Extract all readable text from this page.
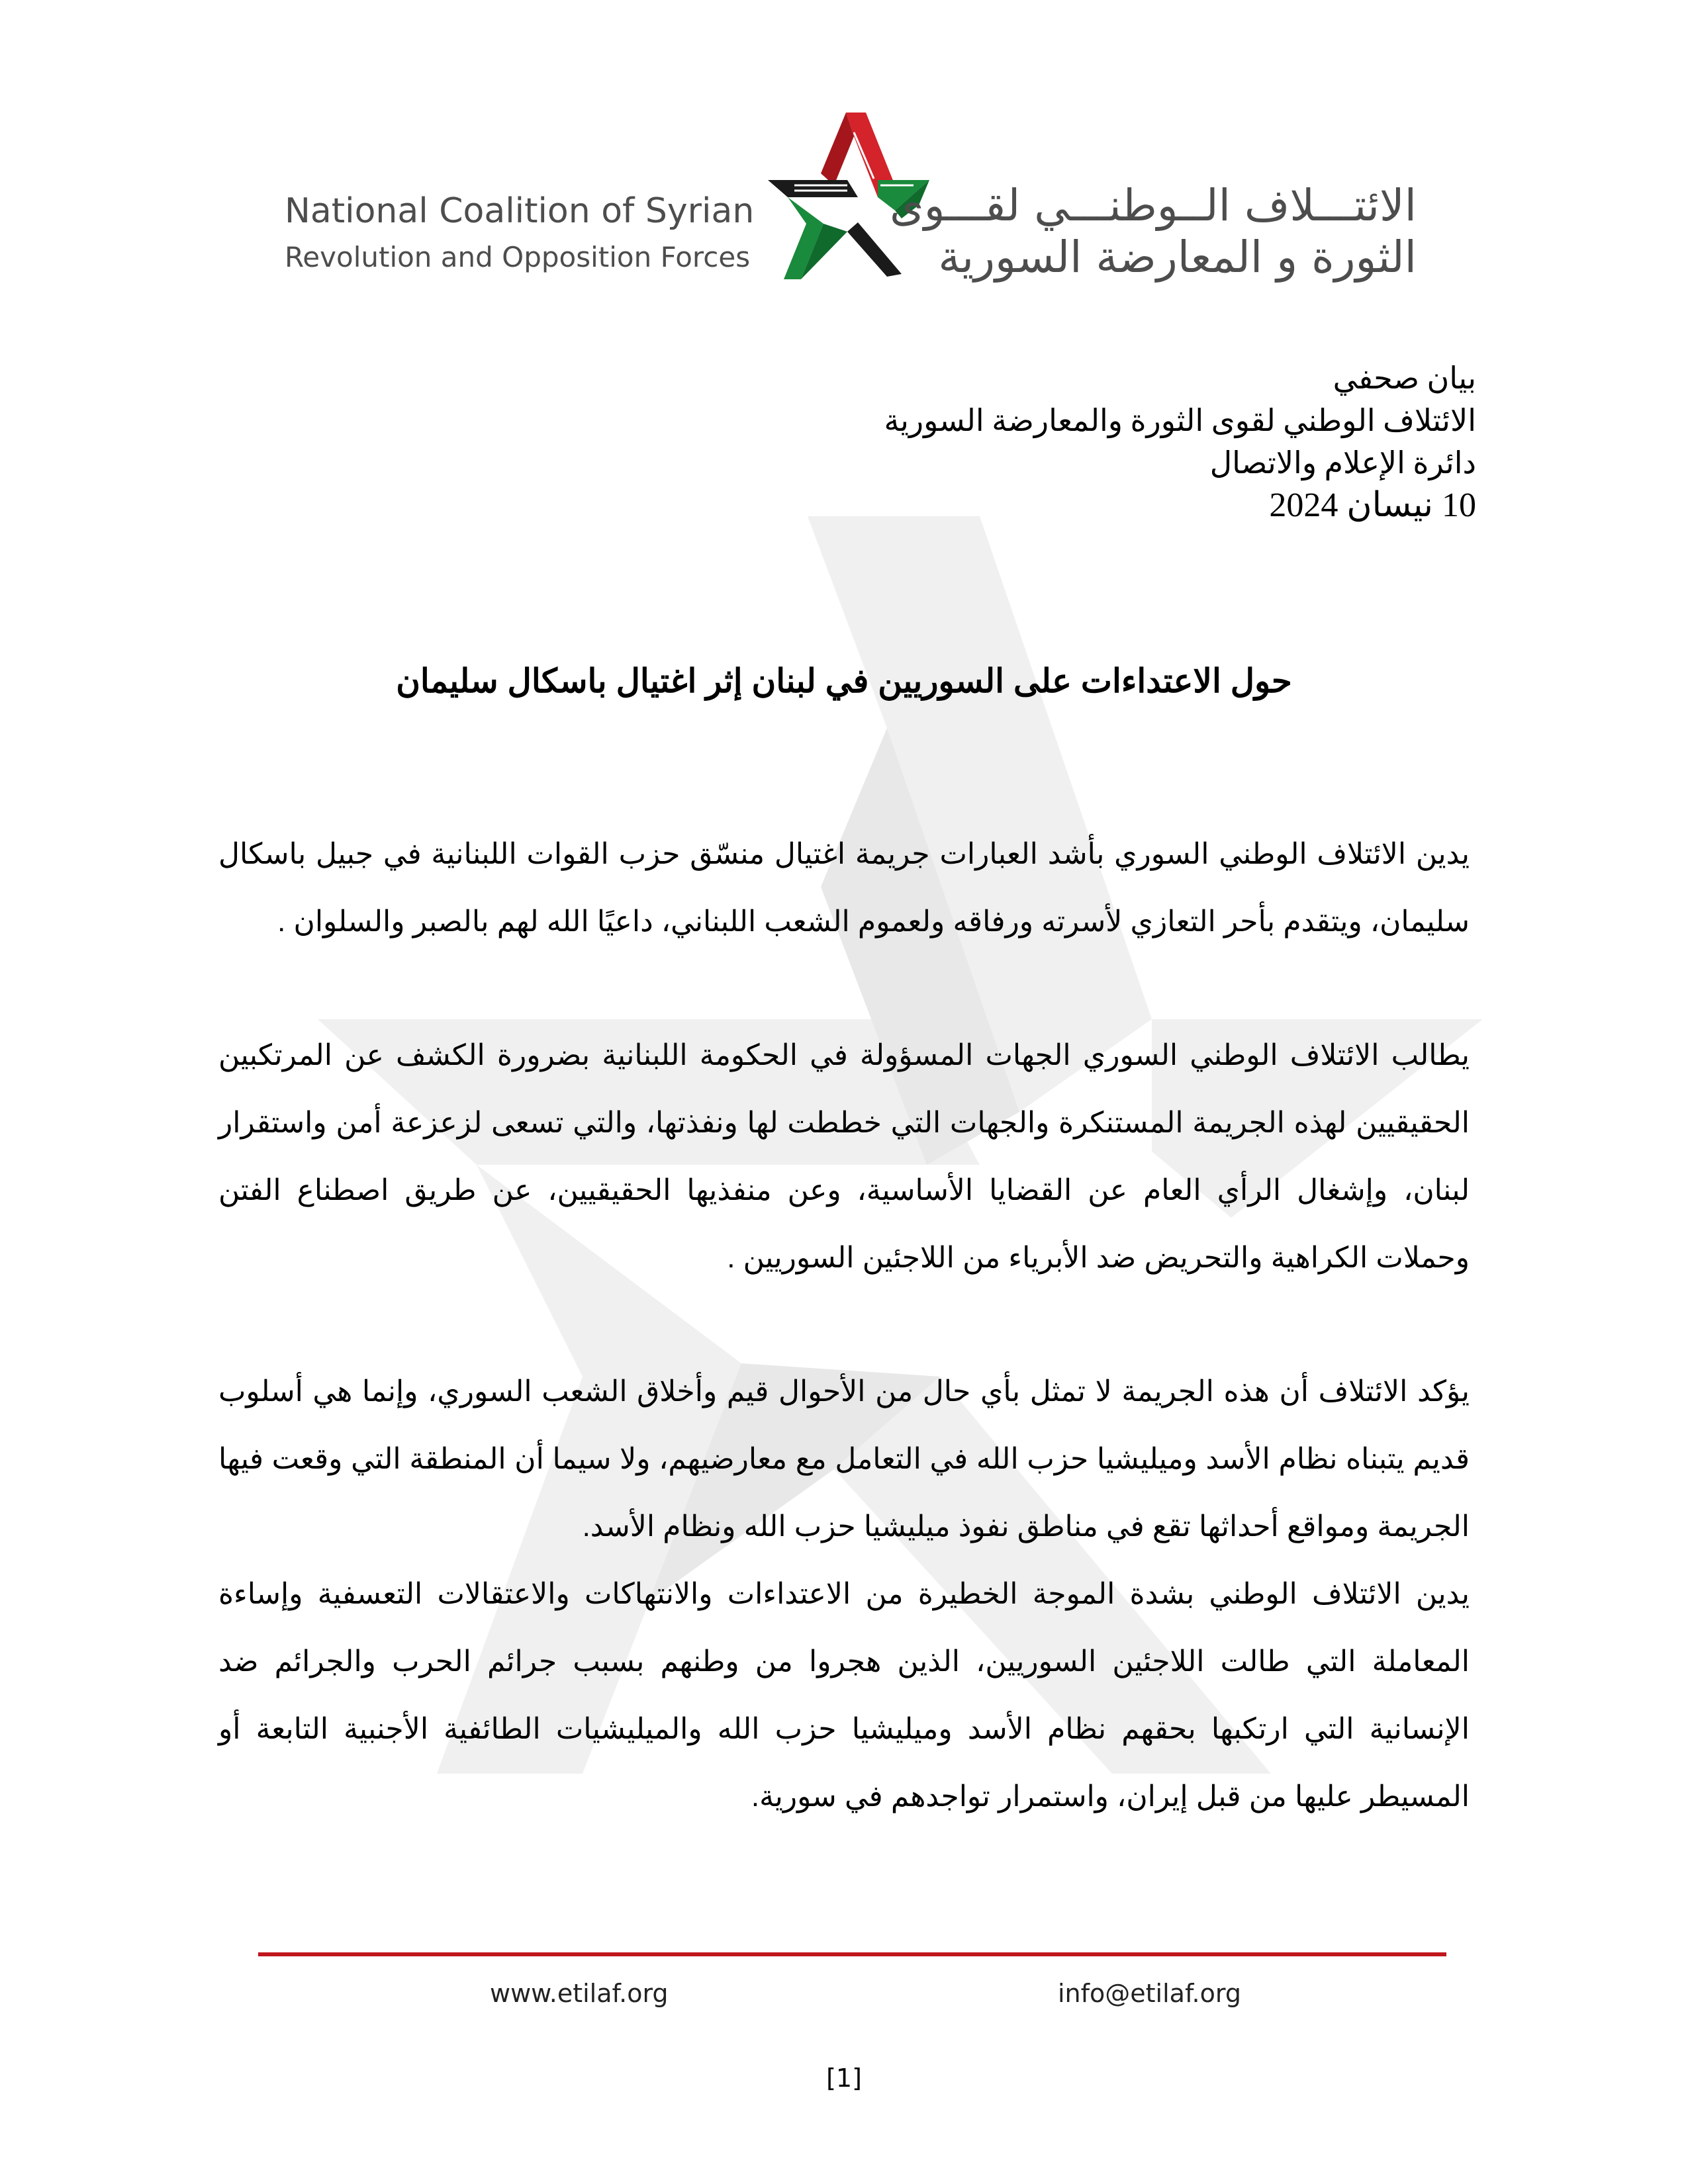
National Coalition of Syrian
Revolution and Opposition Forces
الائتـــلاف الــوطنـــي لقـــوى
الثورة و المعارضة السورية
بيان صحفي
الائتلاف الوطني لقوى الثورة والمعارضة السورية
دائرة الإعلام والاتصال
10 نيسان 2024
حول الاعتداءات على السوريين في لبنان إثر اغتيال باسكال سليمان

يدين الائتلاف الوطني السوري بأشد العبارات جريمة اغتيال منسّق حزب القوات اللبنانية في جبيل باسكال سليمان، ويتقدم بأحر التعازي لأسرته ورفاقه ولعموم الشعب اللبناني، داعيًا الله لهم بالصبر والسلوان .

يطالب الائتلاف الوطني السوري الجهات المسؤولة في الحكومة اللبنانية بضرورة الكشف عن المرتكبين الحقيقيين لهذه الجريمة المستنكرة والجهات التي خططت لها ونفذتها، والتي تسعى لزعزعة أمن واستقرار لبنان، وإشغال الرأي العام عن القضايا الأساسية، وعن منفذيها الحقيقيين، عن طريق اصطناع الفتن وحملات الكراهية والتحريض ضد الأبرياء من اللاجئين السوريين .

يؤكد الائتلاف أن هذه الجريمة لا تمثل بأي حال من الأحوال قيم وأخلاق الشعب السوري، وإنما هي أسلوب قديم يتبناه نظام الأسد وميليشيا حزب الله في التعامل مع معارضيهم، ولا سيما أن المنطقة التي وقعت فيها الجريمة ومواقع أحداثها تقع في مناطق نفوذ ميليشيا حزب الله ونظام الأسد.

يدين الائتلاف الوطني بشدة الموجة الخطيرة من الاعتداءات والانتهاكات والاعتقالات التعسفية وإساءة المعاملة التي طالت اللاجئين السوريين، الذين هجروا من وطنهم بسبب جرائم الحرب والجرائم ضد الإنسانية التي ارتكبها بحقهم نظام الأسد وميليشيا حزب الله والميليشيات الطائفية الأجنبية التابعة أو المسيطر عليها من قبل إيران، واستمرار تواجدهم في سورية.

www.etilaf.org	info@etilaf.org
[1]
